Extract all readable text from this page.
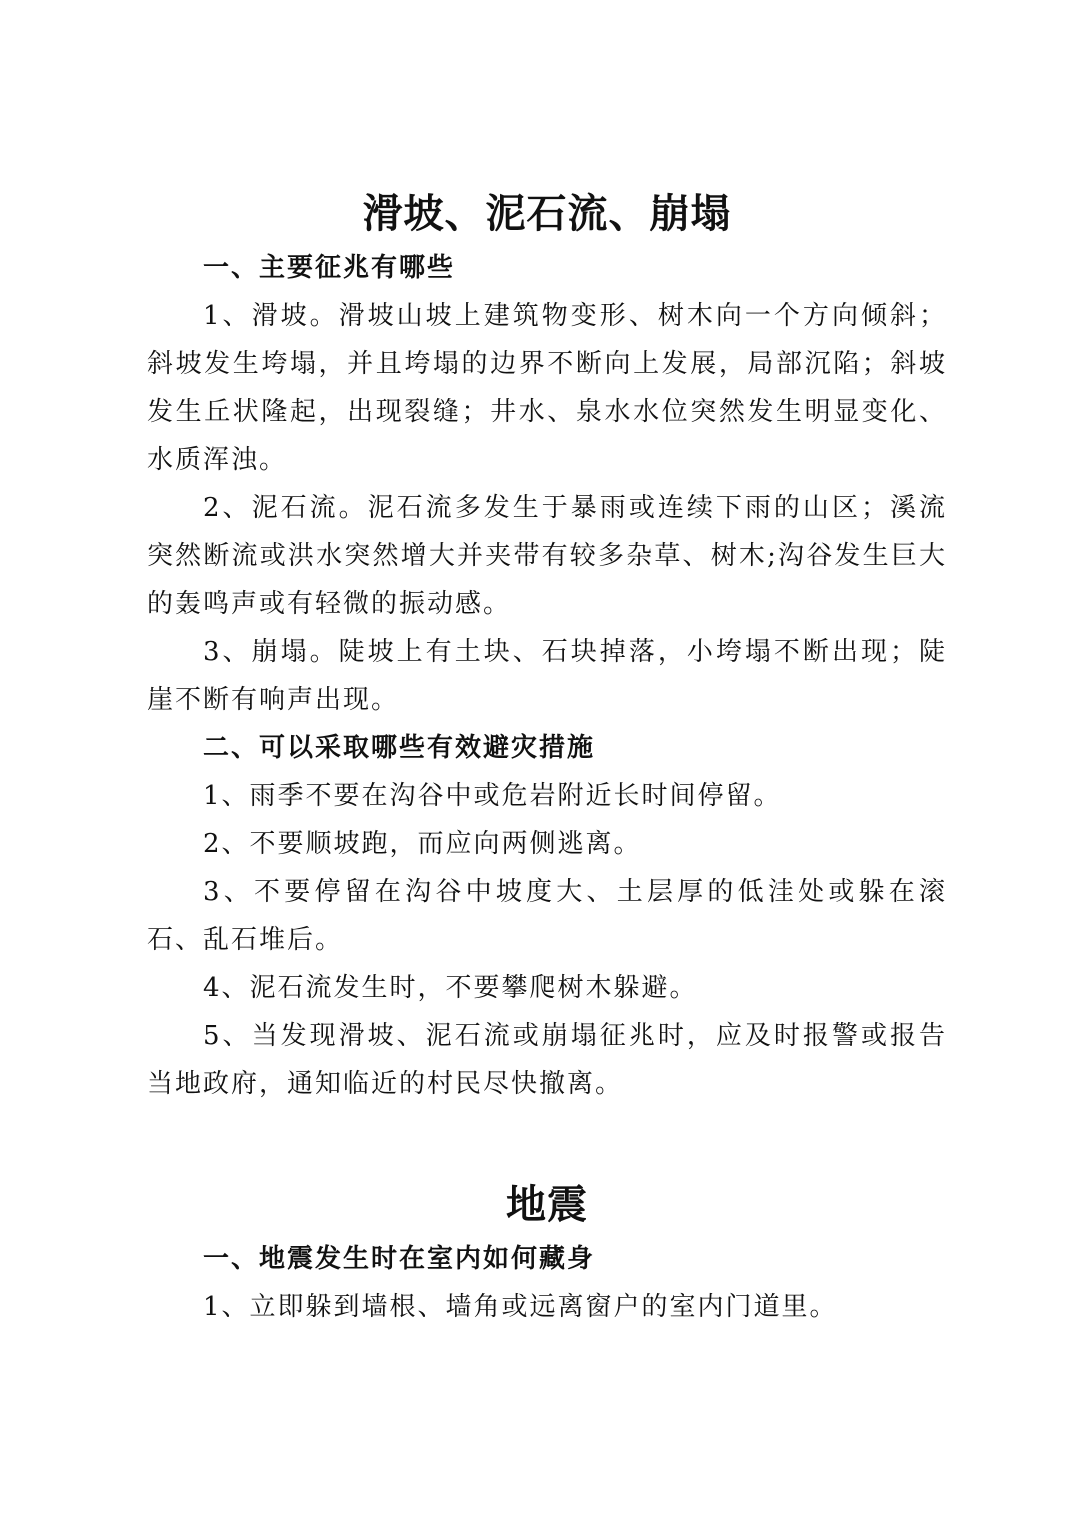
滑坡、泥石流、崩塌

一、主要征兆有哪些

1、滑坡。滑坡山坡上建筑物变形、树木向一个方向倾斜；斜坡发生垮塌，并且垮塌的边界不断向上发展，局部沉陷；斜坡发生丘状隆起，出现裂缝；井水、泉水水位突然发生明显变化、水质浑浊。

2、泥石流。泥石流多发生于暴雨或连续下雨的山区；溪流突然断流或洪水突然增大并夹带有较多杂草、树木;沟谷发生巨大的轰鸣声或有轻微的振动感。

3、崩塌。陡坡上有土块、石块掉落，小垮塌不断出现；陡崖不断有响声出现。

二、可以采取哪些有效避灾措施

1、雨季不要在沟谷中或危岩附近长时间停留。

2、不要顺坡跑，而应向两侧逃离。

3、不要停留在沟谷中坡度大、土层厚的低洼处或躲在滚石、乱石堆后。

4、泥石流发生时，不要攀爬树木躲避。

5、当发现滑坡、泥石流或崩塌征兆时，应及时报警或报告当地政府，通知临近的村民尽快撤离。

地震

一、地震发生时在室内如何藏身

1、立即躲到墙根、墙角或远离窗户的室内门道里。
